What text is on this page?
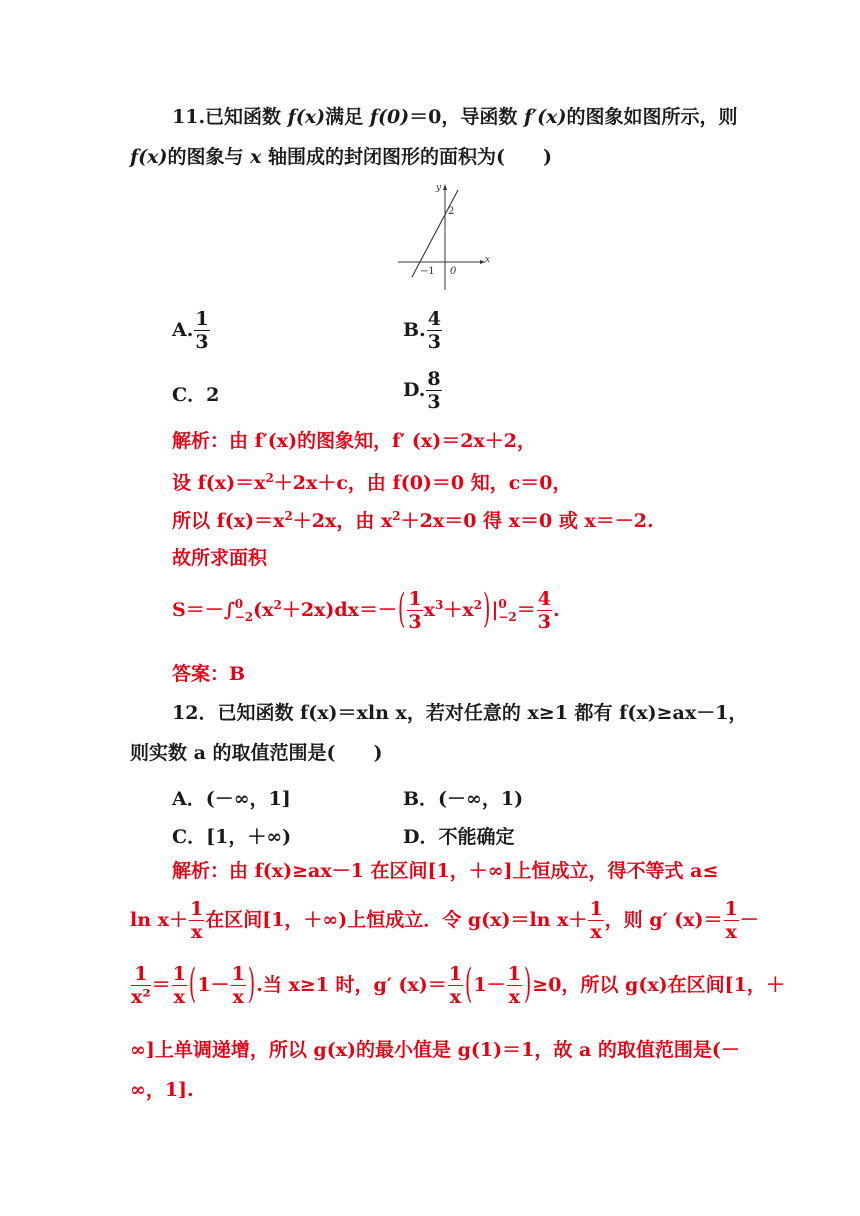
11.已知函数 f(x)满足 f(0)＝0，导函数 f′(x)的图象如图所示，则
f(x)的图象与 x 轴围成的封闭图形的面积为(　　)
y
x
2
−1 0
A. $\frac{1}{3}$	B. $\frac{4}{3}$
C．2	D. $\frac{8}{3}$
解析：由 f′(x)的图象知，f′ (x)＝2x＋2，
设 $f(x)=x^2+2x+c$，由 f(0)＝0 知，c＝0，
所以 $f(x)=x^2+2x$，由 $x^2+2x=0$ 得 x＝0 或 x＝－2.
故所求面积
S＝－∫ 0
−2 $(x^2+2x)dx=-( \frac{1}{3} x^3+x^2)|$ 0
$-2 = \frac{4}{3}$ .
答案：B
12．已知函数 f(x)＝xln x，若对任意的 x≥1 都有 f(x)≥ax－1，
则实数 a 的取值范围是(　　)
A．(－∞，1]	B．(－∞，1)
C．[1，＋∞)	D．不能确定
解析：由 f(x)≥ax－1 在区间[1，＋∞]上恒成立，得不等式 a≤
$\ln x+ \frac{1}{x}$ 在区间[1，＋∞)上恒成立．令 g(x)＝ln $x+ \frac{1}{x}$ ，则 g′ $(x)= \frac{1}{x}$ －
$\frac{1}{\text{x²}} = \frac{1}{x} (1- \frac{1}{x}$ ).当 x≥1 时，g′ $(x)= \frac{1}{x} (1- \frac{1}{x} )\ge 0$，所以 g(x)在区间[1，＋
∞]上单调递增，所以 g(x)的最小值是 g(1)＝1，故 a 的取值范围是(－
∞，1].
